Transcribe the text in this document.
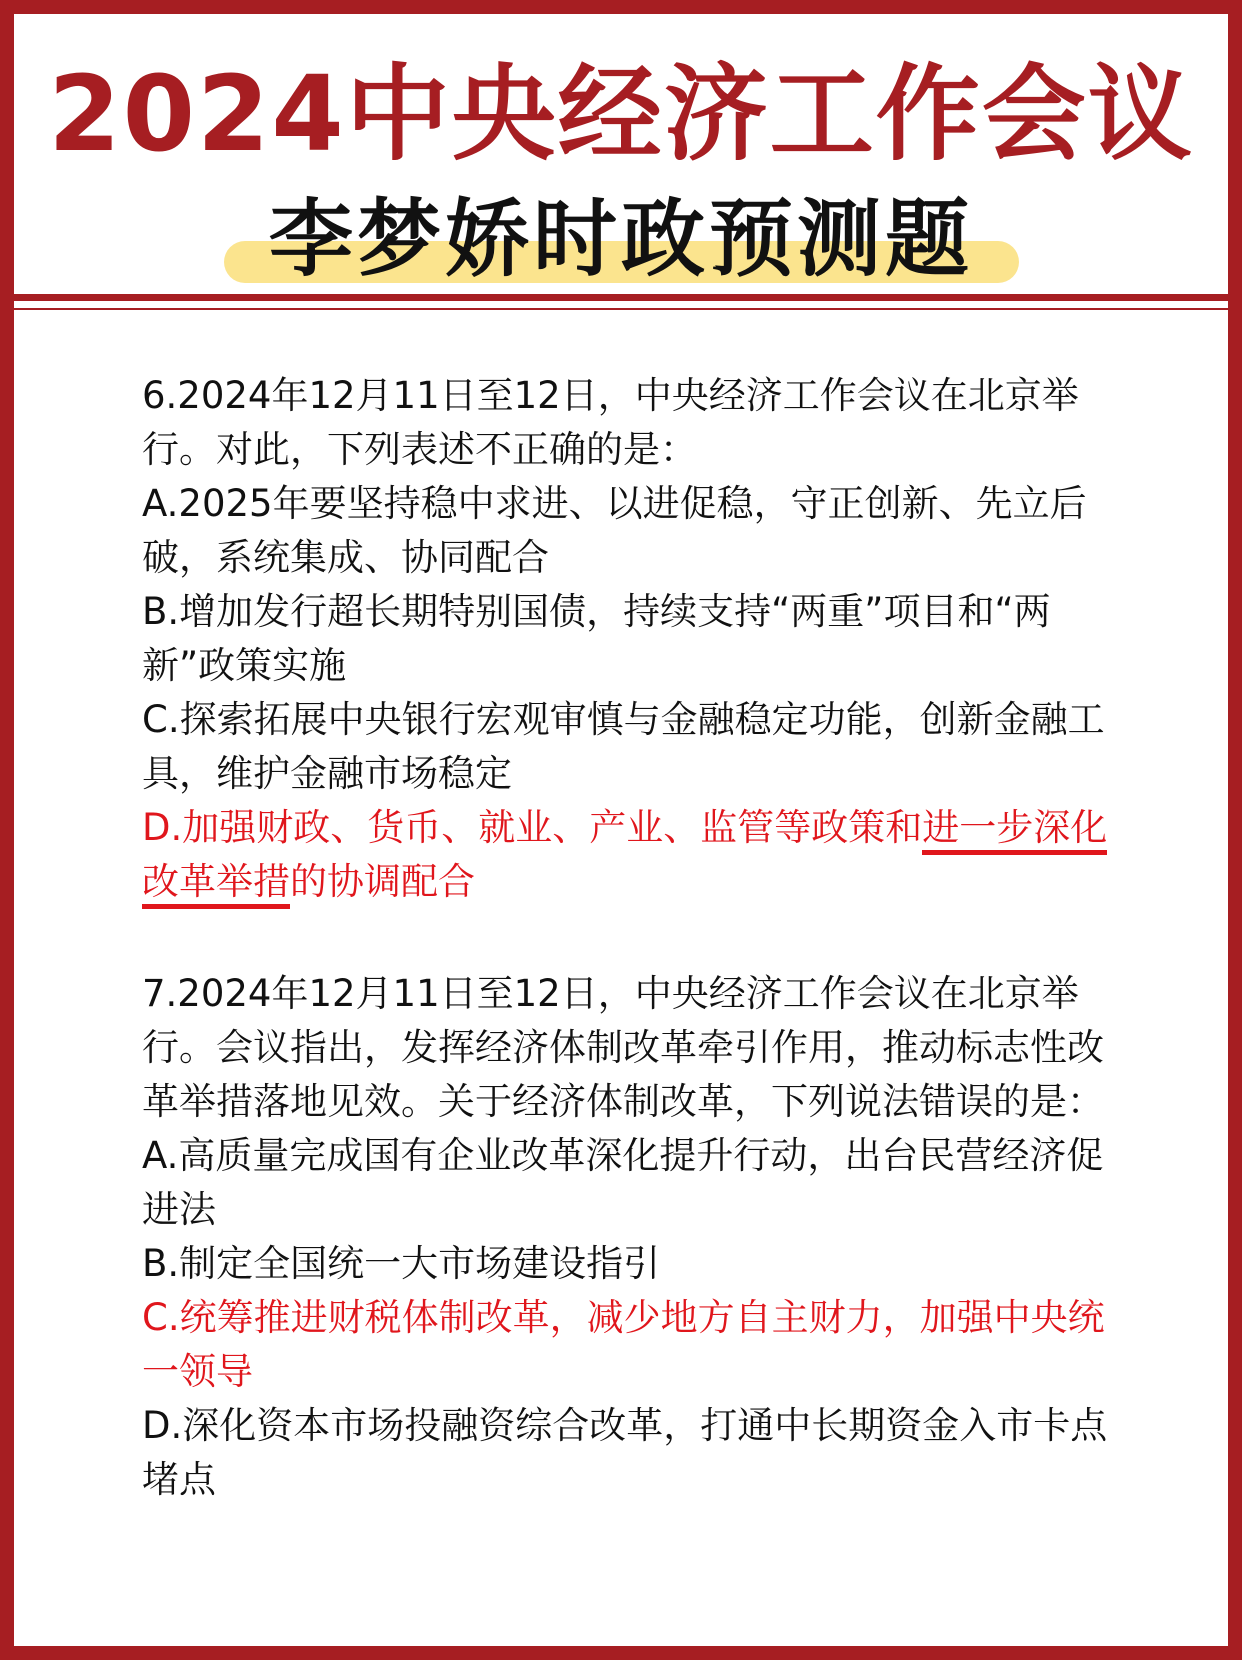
2024中央经济工作会议
李梦娇时政预测题
6.2024年12月11日至12日，中央经济工作会议在北京举行。对此，下列表述不正确的是：
A.2025年要坚持稳中求进、以进促稳，守正创新、先立后破，系统集成、协同配合
B.增加发行超长期特别国债，持续支持“两重”项目和“两新”政策实施
C.探索拓展中央银行宏观审慎与金融稳定功能，创新金融工具，维护金融市场稳定
D.加强财政、货币、就业、产业、监管等政策和进一步深化改革举措的协调配合
7.2024年12月11日至12日，中央经济工作会议在北京举行。会议指出，发挥经济体制改革牵引作用，推动标志性改革举措落地见效。关于经济体制改革，下列说法错误的是：
A.高质量完成国有企业改革深化提升行动，出台民营经济促进法
B.制定全国统一大市场建设指引
C.统筹推进财税体制改革，减少地方自主财力，加强中央统一领导
D.深化资本市场投融资综合改革，打通中长期资金入市卡点堵点
